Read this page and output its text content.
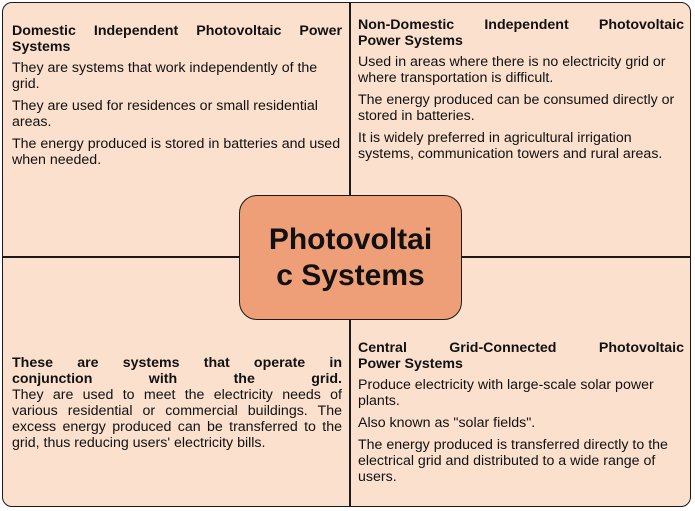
Domestic Independent Photovoltaic Power Systems

They are systems that work independently of the grid.

They are used for residences or small residential areas.

The energy produced is stored in batteries and used when needed.

Non-Domestic Independent Photovoltaic
Power Systems

Used in areas where there is no electricity grid or where transportation is difficult.

The energy produced can be consumed directly or stored in batteries.

It is widely preferred in agricultural irrigation systems, communication towers and rural areas.

These are systems that operate in
conjunction with the grid.

They are used to meet the electricity needs of various residential or commercial buildings. The excess energy produced can be transferred to the grid, thus reducing users' electricity bills.

Central Grid-Connected Photovoltaic
Power Systems

Produce electricity with large-scale solar power plants.

Also known as "solar fields".

The energy produced is transferred directly to the electrical grid and distributed to a wide range of users.

Photovoltai
c Systems
